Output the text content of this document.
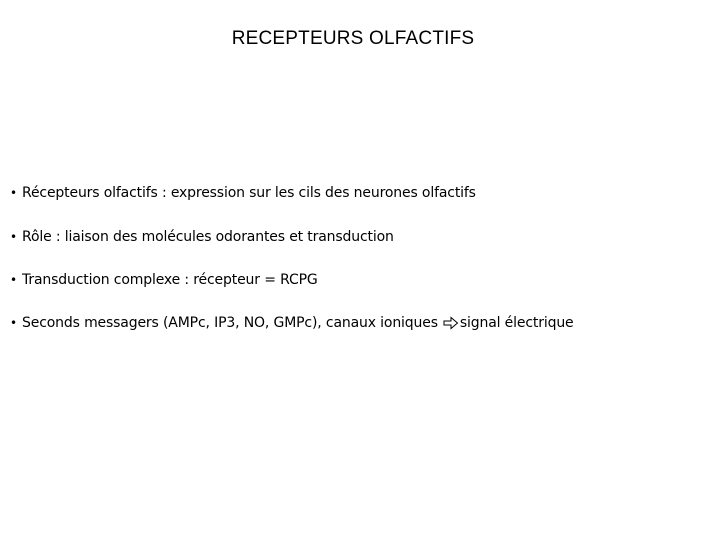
RECEPTEURS OLFACTIFS
• Récepteurs olfactifs : expression sur les cils des neurones olfactifs
• Rôle : liaison des molécules odorantes et transduction
• Transduction complexe : récepteur = RCPG
• Seconds messagers (AMPc, IP3, NO, GMPc), canaux ioniques signal électrique
